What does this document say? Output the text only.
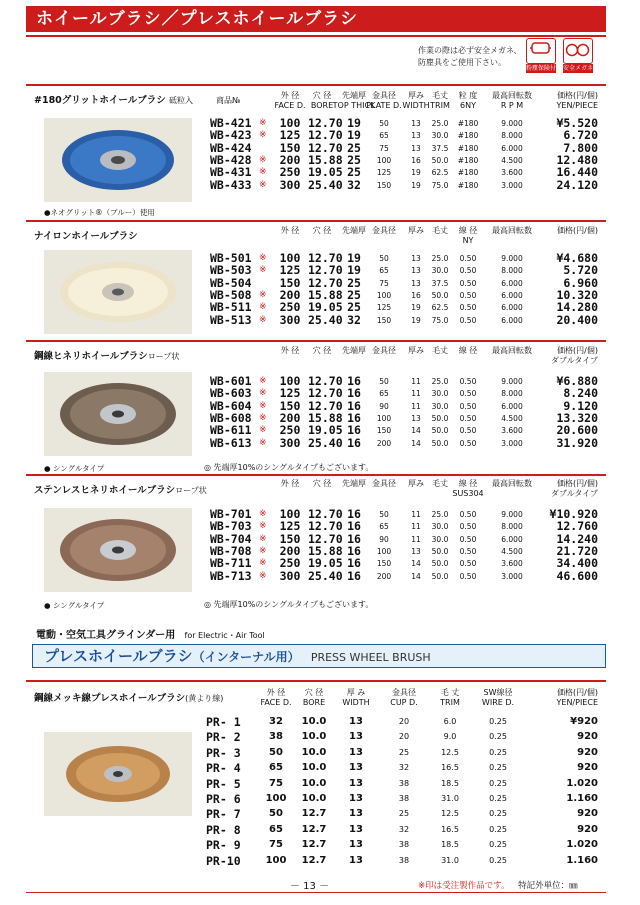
ホイールブラシ／プレスホイールブラシ
作業の際は必ず安全メガネ、
防塵具をご使用下さい。
粉塵保険付 安全メガネ
#180グリットホイールブラシ 砥粒入	商品№
外 径
FACE D.
穴 径
BORE
先端厚
TOP THICK
金具径
PLATE D.
厚み
WIDTH
毛丈
TRIM
粒 度
6NY
最高回転数
R P M
価格(円/個)
YEN/PIECE
●ネオグリット®（ブルー）使用
WB-421 ※	100 12.70 19	50	13	25.0	#180	9.000	¥5.520
WB-423 ※	125 12.70 19	65	13	30.0	#180	8.000	6.720
WB-424	150 12.70 25	75	13	37.5	#180	6.000	7.800
WB-428 ※	200 15.88 25	100	16	50.0	#180	4.500	12.480
WB-431 ※	250 19.05 25	125	19	62.5	#180	3.600	16.440
WB-433 ※	300 25.40 32	150	19	75.0	#180	3.000	24.120
ナイロンホイールブラシ
外 径	穴 径	先端厚 金具径	厚み	毛丈	線 径
NY
最高回転数	価格(円/個)
WB-501 ※	100 12.70 19	50	13	25.0	0.50	9.000	¥4.680
WB-503 ※	125 12.70 19	65	13	30.0	0.50	8.000	5.720
WB-504	150 12.70 25	75	13	37.5	0.50	6.000	6.960
WB-508 ※	200 15.88 25	100	16	50.0	0.50	6.000	10.320
WB-511 ※	250 19.05 25	125	19	62.5	0.50	6.000	14.280
WB-513 ※	300 25.40 32	150	19	75.0	0.50	6.000	20.400
鋼線ヒネリホイールブラシロープ状
外 径	穴 径	先端厚 金具径	厚み	毛丈	線 径	最高回転数	価格(円/個)
ダブルタイプ
● シングルタイプ
WB-601 ※	100 12.70 16	50	11	25.0	0.50	9.000	¥6.880
WB-603 ※	125 12.70 16	65	11	30.0	0.50	8.000	8.240
WB-604 ※	150 12.70 16	90	11	30.0	0.50	6.000	9.120
WB-608 ※	200 15.88 16	100	13	50.0	0.50	4.500	13.320
WB-611 ※	250 19.05 16	150	14	50.0	0.50	3.600	20.600
WB-613 ※	300 25.40 16	200	14	50.0	0.50	3.000	31.920
◎ 先端厚10%のシングルタイプもございます。
ステンレスヒネリホイールブラシロープ状
外 径	穴 径	先端厚 金具径	厚み	毛丈	線 径
SUS304
最高回転数	価格(円/個)
ダブルタイプ
● シングルタイプ
WB-701 ※	100 12.70 16	50	11	25.0	0.50	9.000 ¥10.920
WB-703 ※	125 12.70 16	65	11	30.0	0.50	8.000	12.760
WB-704 ※	150 12.70 16	90	11	30.0	0.50	6.000	14.240
WB-708 ※	200 15.88 16	100	13	50.0	0.50	4.500	21.720
WB-711 ※	250 19.05 16	150	14	50.0	0.50	3.600	34.400
WB-713 ※	300 25.40 16	200	14	50.0	0.50	3.000	46.600
◎ 先端厚10%のシングルタイプもございます。
電動・空気工具グラインダー用 for Electric・Air Tool
プレスホイールブラシ（インターナル用） PRESS WHEEL BRUSH
鋼線メッキ線プレスホイールブラシ(黄より線)
外 径
FACE D.
穴 径
BORE
厚 み
WIDTH
金具径
CUP D.
毛 丈
TRIM
SW線径
WIRE D.
価格(円/個)
YEN/PIECE
PR- 1	32	10.0	13	20	6.0	0.25	¥920
PR- 2	38	10.0	13	20	9.0	0.25	920
PR- 3	50	10.0	13	25	12.5	0.25	920
PR- 4	65	10.0	13	32	16.5	0.25	920
PR- 5	75	10.0	13	38	18.5	0.25	1.020
PR- 6	100	10.0	13	38	31.0	0.25	1.160
PR- 7	50	12.7	13	25	12.5	0.25	920
PR- 8	65	12.7	13	32	16.5	0.25	920
PR- 9	75	12.7	13	38	18.5	0.25	1.020
PR-10	100	12.7	13	38	31.0	0.25	1.160
－ 13 －	※印は受注製作品です。 特記外単位：㎜
